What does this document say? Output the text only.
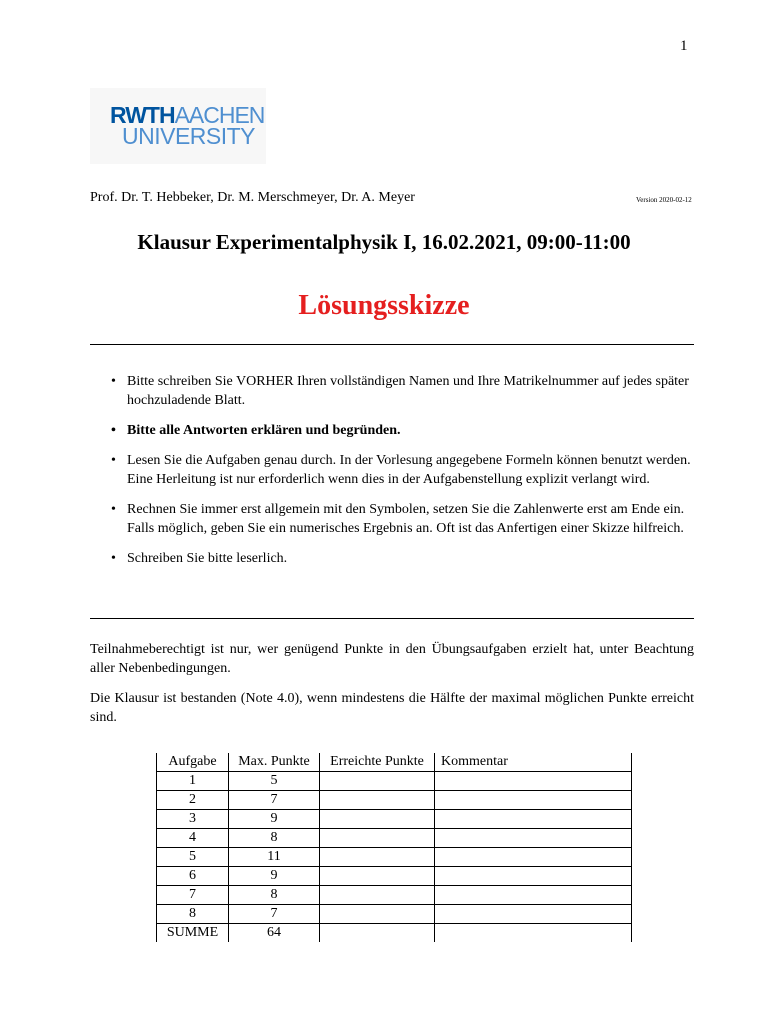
1
RWTHAACHEN
UNIVERSITY
Prof. Dr. T. Hebbeker, Dr. M. Merschmeyer, Dr. A. Meyer	Version 2020-02-12
Klausur Experimentalphysik I, 16.02.2021, 09:00-11:00
Lösungsskizze
• Bitte schreiben Sie VORHER Ihren vollständigen Namen und Ihre Matrikelnummer auf jedes später hochzuladende Blatt.
• Bitte alle Antworten erklären und begründen.
• Lesen Sie die Aufgaben genau durch. In der Vorlesung angegebene Formeln können benutzt werden. Eine Herleitung ist nur erforderlich wenn dies in der Aufgabenstellung explizit verlangt wird.
• Rechnen Sie immer erst allgemein mit den Symbolen, setzen Sie die Zahlenwerte erst am Ende ein. Falls möglich, geben Sie ein numerisches Ergebnis an. Oft ist das Anfertigen einer Skizze hilfreich.
• Schreiben Sie bitte leserlich.

Teilnahmeberechtigt ist nur, wer genügend Punkte in den Übungsaufgaben erzielt hat, unter Beachtung aller Nebenbedingungen.

Die Klausur ist bestanden (Note 4.0), wenn mindestens die Hälfte der maximal möglichen Punkte erreicht sind.

Aufgabe	Max. Punkte	Erreichte Punkte	Kommentar
1	5		
2	7		
3	9		
4	8		
5	11		
6	9		
7	8		
8	7		
SUMME	64		
